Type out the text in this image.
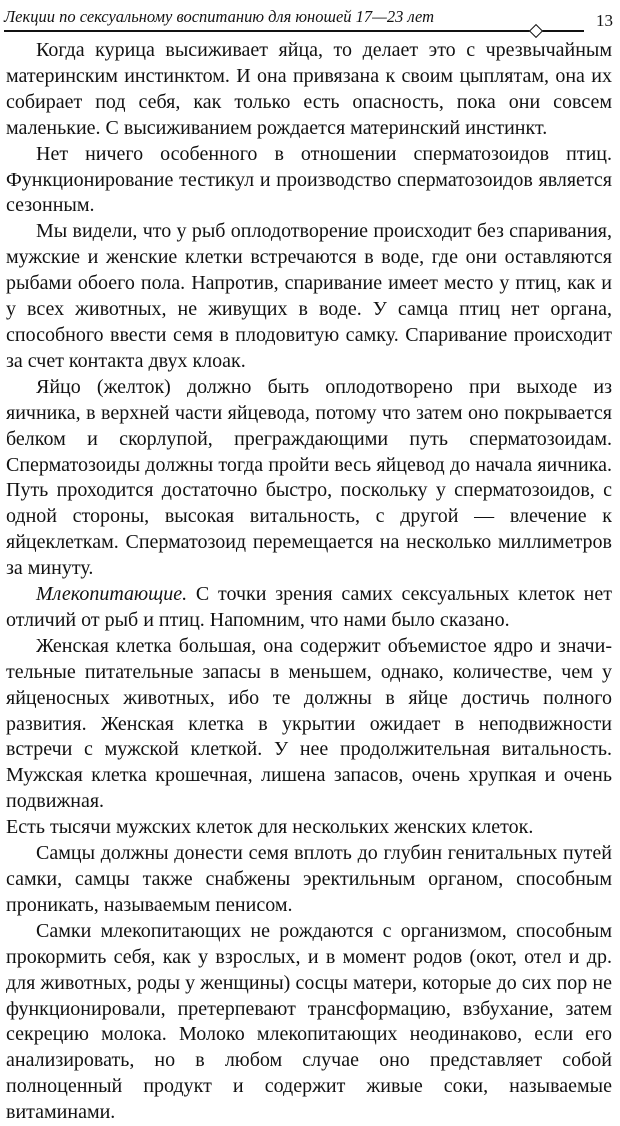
Лекции по сексуальному воспитанию для юношей 17—23 лет	13

Когда курица высиживает яйца, то делает это с чрезвычайным материнским инстинктом. И она привязана к своим цыплятам, она их собирает под себя, как только есть опасность, пока они совсем маленькие. С высиживанием рождается материнский инстинкт.

Нет ничего особенного в отношении сперматозоидов птиц. Функционирование тестикул и производство сперматозоидов является сезонным.

Мы видели, что у рыб оплодотворение происходит без спаривания, мужские и женские клетки встречаются в воде, где они оставляются рыбами обоего пола. Напротив, спаривание имеет место у птиц, как и у всех животных, не живущих в воде. У самца птиц нет органа, способного ввести семя в плодовитую самку. Спаривание происходит за счет контакта двух клоак.

Яйцо (желток) должно быть оплодотворено при выходе из яичника, в верхней части яйцевода, потому что затем оно покрывается белком и скорлупой, преграждающими путь сперматозоидам. Сперматозоиды должны тогда пройти весь яйцевод до начала яичника. Путь проходится достаточно быстро, поскольку у сперматозоидов, с одной стороны, высокая витальность, с другой — влечение к яйцеклеткам. Сперматозоид перемещается на несколько миллиметров за минуту.

Млекопитающие. С точки зрения самих сексуальных клеток нет отличий от рыб и птиц. Напомним, что нами было сказано.

Женская клетка большая, она содержит объемистое ядро и значительные питательные запасы в меньшем, однако, количестве, чем у яйценосных животных, ибо те должны в яйце достичь полного развития. Женская клетка в укрытии ожидает в неподвижности встречи с мужской клеткой. У нее продолжительная витальность. Мужская клетка крошечная, лишена запасов, очень хрупкая и очень подвижная.

Есть тысячи мужских клеток для нескольких женских клеток.

Самцы должны донести семя вплоть до глубин генитальных путей самки, самцы также снабжены эректильным органом, способным проникать, называемым пенисом.

Самки млекопитающих не рождаются с организмом, способным прокормить себя, как у взрослых, и в момент родов (окот, отел и др. для животных, роды у женщины) сосцы матери, которые до сих пор не функционировали, претерпевают трансформацию, взбухание, затем секрецию молока. Молоко млекопитающих неодинаково, если его анализировать, но в любом случае оно представляет собой полноценный продукт и содержит живые соки, называемые витаминами.
